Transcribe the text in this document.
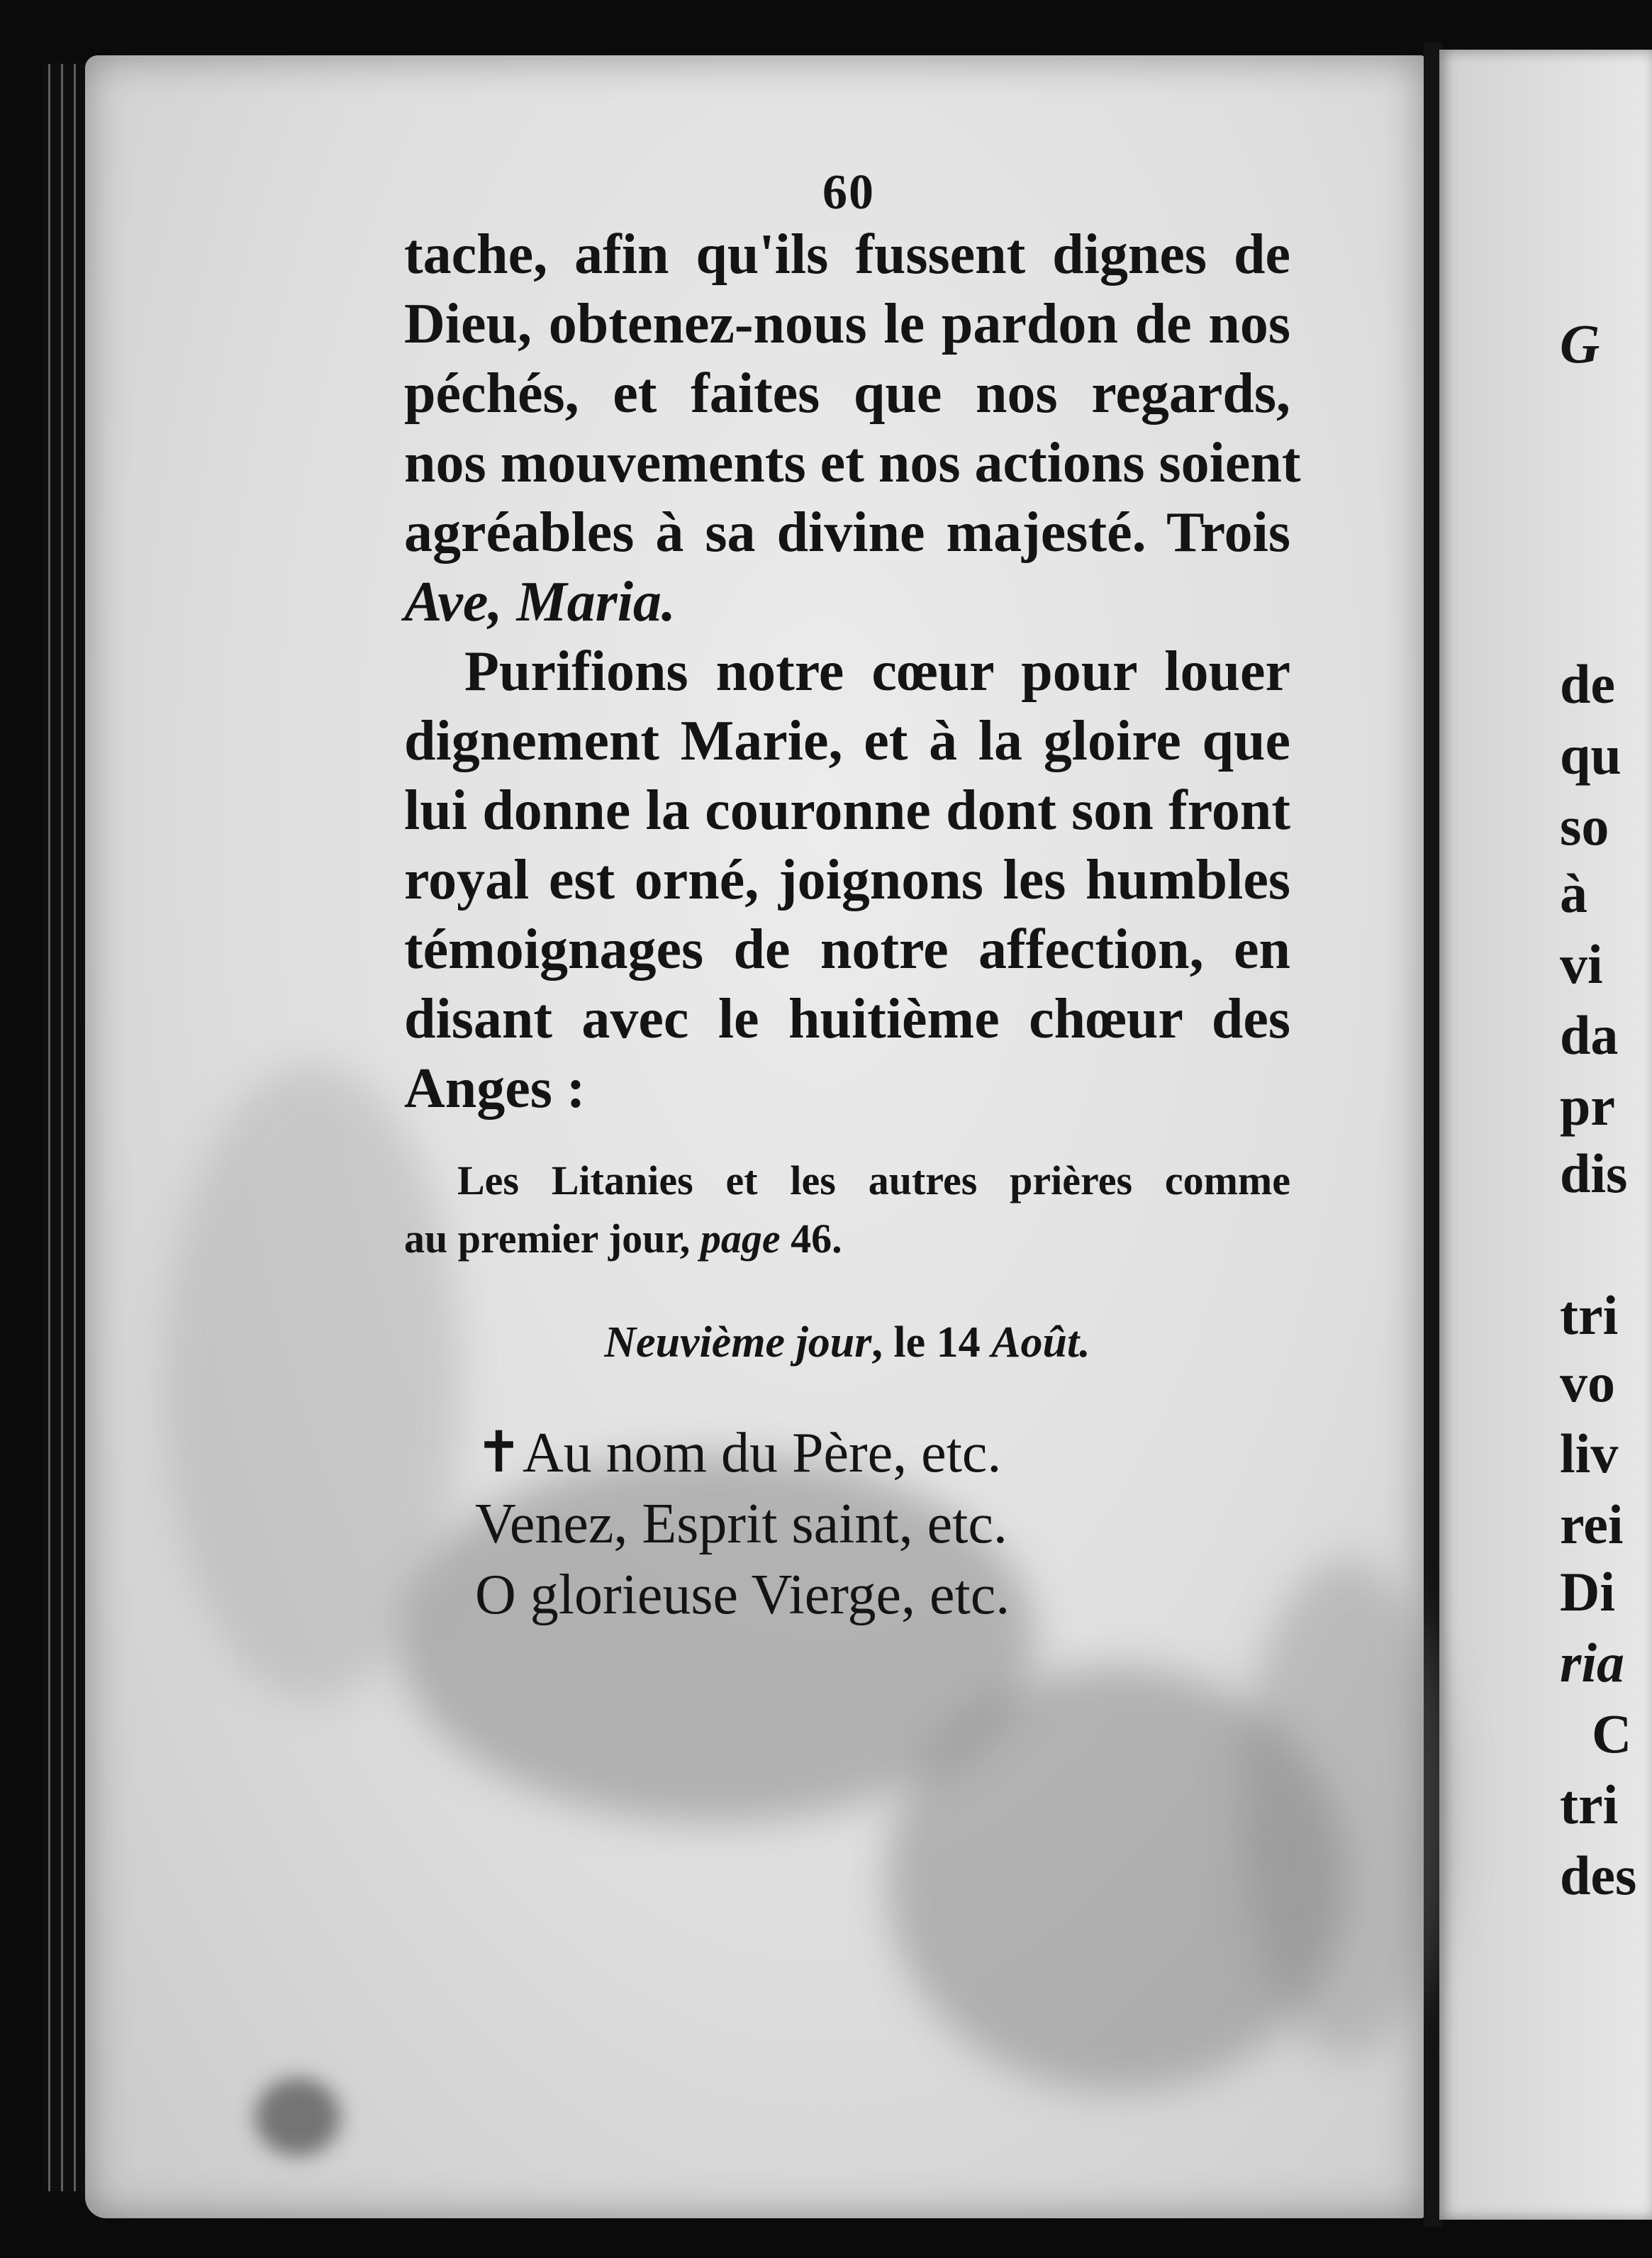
60
tache, afin qu'ils fussent dignes de
Dieu, obtenez-nous le pardon de nos
péchés, et faites que nos regards,
nos mouvements et nos actions soient
agréables à sa divine majesté. Trois
Ave, Maria.
Purifions notre cœur pour louer
dignement Marie, et à la gloire que
lui donne la couronne dont son front
royal est orné, joignons les humbles
témoignages de notre affection, en
disant avec le huitième chœur des
Anges :
Les Litanies et les autres prières comme
au premier jour, page 46.
Neuvième jour, le 14 Août.
✝Au nom du Père, etc.
Venez, Esprit saint, etc.
O glorieuse Vierge, etc.
G
de
qu
so
à
vi
da
pr
dis
tri
vo
liv
rei
Di
ria
C
tri
des
